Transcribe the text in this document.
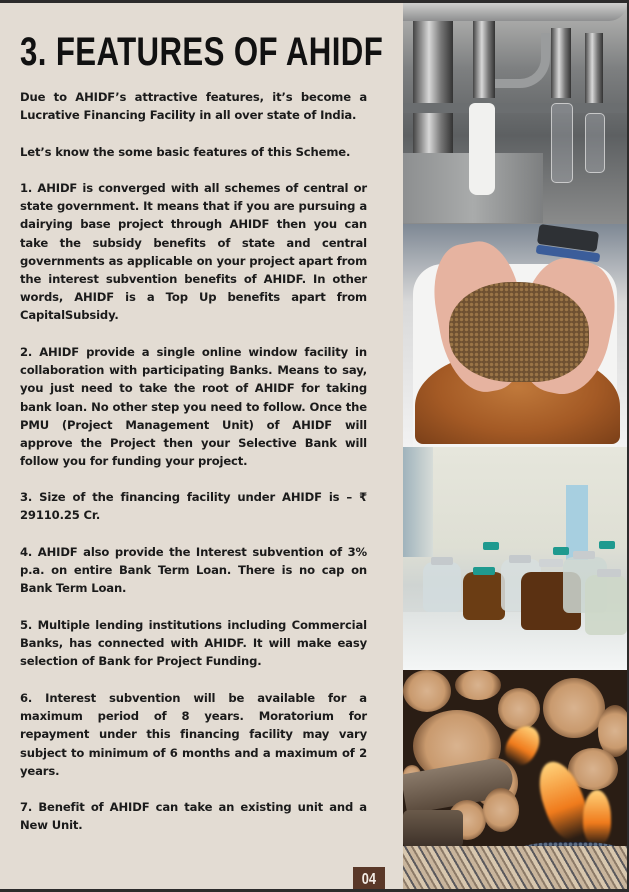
3. FEATURES OF AHIDF

Due to AHIDF’s attractive features, it’s become a Lucrative Financing Facility in all over state of India.

Let’s know the some basic features of this Scheme.

1. AHIDF is converged with all schemes of central or state government. It means that if you are pursuing a dairying base project through AHIDF then you can take the subsidy benefits of state and central governments as applicable on your project apart from the interest subvention benefits of AHIDF. In other words, AHIDF is a Top Up benefits apart from CapitalSubsidy.

2. AHIDF provide a single online window facility in collaboration with participating Banks. Means to say, you just need to take the root of AHIDF for taking bank loan. No other step you need to follow. Once the PMU (Project Management Unit) of AHIDF will approve the Project then your Selective Bank will follow you for funding your project.

3. Size of the financing facility under AHIDF is – ₹ 29110.25 Cr.

4. AHIDF also provide the Interest subvention of 3% p.a. on entire Bank Term Loan. There is no cap on Bank Term Loan.

5. Multiple lending institutions including Commercial Banks, has connected with AHIDF. It will make easy selection of Bank for Project Funding.

6. Interest subvention will be available for a maximum period of 8 years. Moratorium for repayment under this financing facility may vary subject to minimum of 6 months and a maximum of 2 years.

7. Benefit of AHIDF can take an existing unit and a New Unit.

04
